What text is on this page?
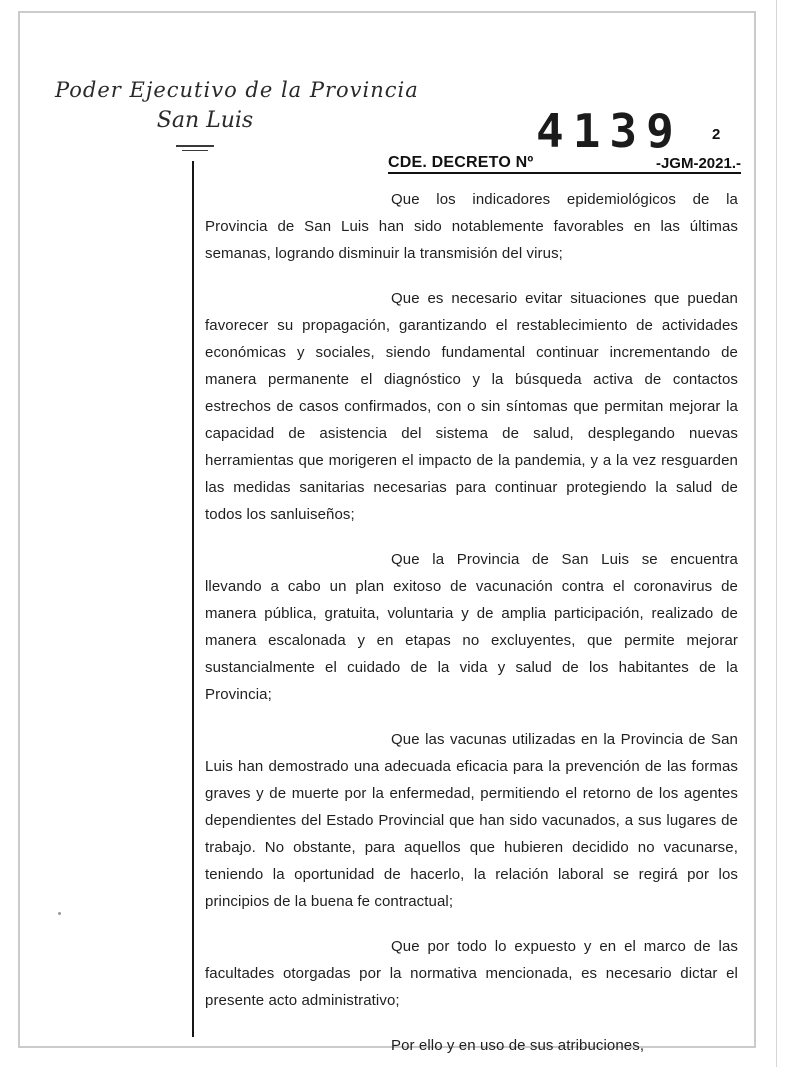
Poder Ejecutivo de la Provincia
San Luis	4139 2
CDE. DECRETO Nº	-JGM-2021.-

Que los indicadores epidemiológicos de la Provincia de San Luis han sido notablemente favorables en las últimas semanas, logrando disminuir la transmisión del virus;

Que es necesario evitar situaciones que puedan favorecer su propagación, garantizando el restablecimiento de actividades económicas y sociales, siendo fundamental continuar incrementando de manera permanente el diagnóstico y la búsqueda activa de contactos estrechos de casos confirmados, con o sin síntomas que permitan mejorar la capacidad de asistencia del sistema de salud, desplegando nuevas herramientas que morigeren el impacto de la pandemia, y a la vez resguarden las medidas sanitarias necesarias para continuar protegiendo la salud de todos los sanluiseños;

Que la Provincia de San Luis se encuentra llevando a cabo un plan exitoso de vacunación contra el coronavirus de manera pública, gratuita, voluntaria y de amplia participación, realizado de manera escalonada y en etapas no excluyentes, que permite mejorar sustancialmente el cuidado de la vida y salud de los habitantes de la Provincia;

Que las vacunas utilizadas en la Provincia de San Luis han demostrado una adecuada eficacia para la prevención de las formas graves y de muerte por la enfermedad, permitiendo el retorno de los agentes dependientes del Estado Provincial que han sido vacunados, a sus lugares de trabajo. No obstante, para aquellos que hubieren decidido no vacunarse, teniendo la oportunidad de hacerlo, la relación laboral se regirá por los principios de la buena fe contractual;

Que por todo lo expuesto y en el marco de las facultades otorgadas por la normativa mencionada, es necesario dictar el presente acto administrativo;

Por ello y en uso de sus atribuciones,
